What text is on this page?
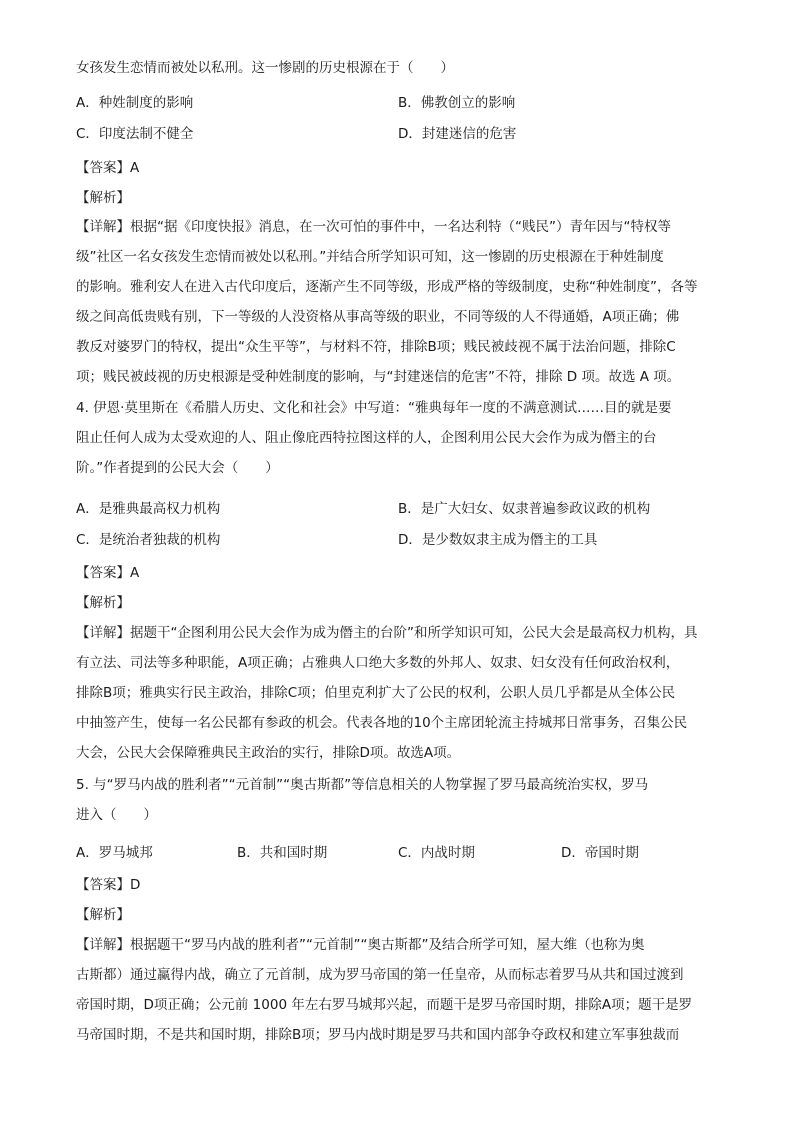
女孩发生恋情而被处以私刑。这一惨剧的历史根源在于（　　）
A．种姓制度的影响	B．佛教创立的影响
C．印度法制不健全	D．封建迷信的危害
【答案】A
【解析】
【详解】根据“据《印度快报》消息，在一次可怕的事件中，一名达利特（“贱民”）青年因与“特权等
级”社区一名女孩发生恋情而被处以私刑。”并结合所学知识可知，这一惨剧的历史根源在于种姓制度
的影响。雅利安人在进入古代印度后，逐渐产生不同等级，形成严格的等级制度，史称“种姓制度”，各等
级之间高低贵贱有别，下一等级的人没资格从事高等级的职业，不同等级的人不得通婚，A项正确；佛
教反对婆罗门的特权，提出“众生平等”，与材料不符，排除B项；贱民被歧视不属于法治问题，排除C
项；贱民被歧视的历史根源是受种姓制度的影响，与“封建迷信的危害”不符，排除 D 项。故选 A 项。
4. 伊恩·莫里斯在《希腊人历史、文化和社会》中写道：“雅典每年一度的不满意测试……目的就是要
阻止任何人成为太受欢迎的人、阻止像庇西特拉图这样的人，企图利用公民大会作为成为僭主的台
阶。”作者提到的公民大会（　　）
A．是雅典最高权力机构	B．是广大妇女、奴隶普遍参政议政的机构
C．是统治者独裁的机构	D．是少数奴隶主成为僭主的工具
【答案】A
【解析】
【详解】据题干“企图利用公民大会作为成为僭主的台阶”和所学知识可知，公民大会是最高权力机构，具
有立法、司法等多种职能，A项正确；占雅典人口绝大多数的外邦人、奴隶、妇女没有任何政治权利，
排除B项；雅典实行民主政治，排除C项；伯里克利扩大了公民的权利，公职人员几乎都是从全体公民
中抽签产生，使每一名公民都有参政的机会。代表各地的10个主席团轮流主持城邦日常事务，召集公民
大会，公民大会保障雅典民主政治的实行，排除D项。故选A项。
5. 与“罗马内战的胜利者”“元首制”“奥古斯都”等信息相关的人物掌握了罗马最高统治实权，罗马
进入（　　）
A．罗马城邦	B．共和国时期	C．内战时期	D．帝国时期
【答案】D
【解析】
【详解】根据题干“罗马内战的胜利者”“元首制”“奥古斯都”及结合所学可知，屋大维（也称为奥
古斯都）通过赢得内战，确立了元首制，成为罗马帝国的第一任皇帝，从而标志着罗马从共和国过渡到
帝国时期，D项正确；公元前 1000 年左右罗马城邦兴起，而题干是罗马帝国时期，排除A项；题干是罗
马帝国时期，不是共和国时期，排除B项；罗马内战时期是罗马共和国内部争夺政权和建立军事独裁而
